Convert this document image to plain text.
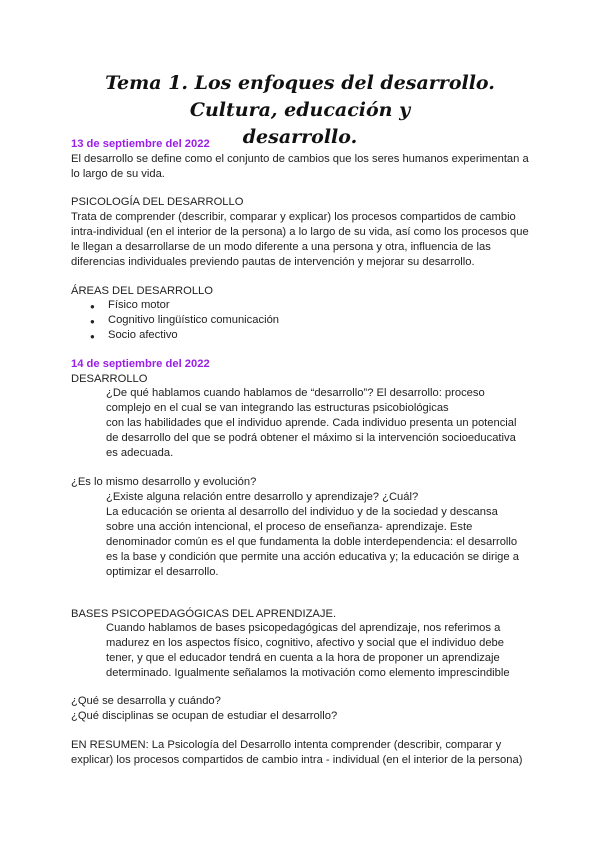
Tema 1. Los enfoques del desarrollo. Cultura, educación y
desarrollo.
13 de septiembre del 2022
El desarrollo se define como el conjunto de cambios que los seres humanos experimentan a
lo largo de su vida.
PSICOLOGÍA DEL DESARROLLO
Trata de comprender (describir, comparar y explicar) los procesos compartidos de cambio
intra-individual (en el interior de la persona) a lo largo de su vida, así como los procesos que
le llegan a desarrollarse de un modo diferente a una persona y otra, influencia de las
diferencias individuales previendo pautas de intervención y mejorar su desarrollo.
ÁREAS DEL DESARROLLO
● Físico motor
● Cognitivo lingüístico comunicación
● Socio afectivo
14 de septiembre del 2022
DESARROLLO
¿De qué hablamos cuando hablamos de “desarrollo”? El desarrollo: proceso
complejo en el cual se van integrando las estructuras psicobiológicas
con las habilidades que el individuo aprende. Cada individuo presenta un potencial
de desarrollo del que se podrá obtener el máximo si la intervención socioeducativa
es adecuada.
¿Es lo mismo desarrollo y evolución?
¿Existe alguna relación entre desarrollo y aprendizaje? ¿Cuál?
La educación se orienta al desarrollo del individuo y de la sociedad y descansa
sobre una acción intencional, el proceso de enseñanza- aprendizaje. Este
denominador común es el que fundamenta la doble interdependencia: el desarrollo
es la base y condición que permite una acción educativa y; la educación se dirige a
optimizar el desarrollo.
BASES PSICOPEDAGÓGICAS DEL APRENDIZAJE.
Cuando hablamos de bases psicopedagógicas del aprendizaje, nos referimos a
madurez en los aspectos físico, cognitivo, afectivo y social que el individuo debe
tener, y que el educador tendrá en cuenta a la hora de proponer un aprendizaje
determinado. Igualmente señalamos la motivación como elemento imprescindible
¿Qué se desarrolla y cuándo?
¿Qué disciplinas se ocupan de estudiar el desarrollo?
EN RESUMEN: La Psicología del Desarrollo intenta comprender (describir, comparar y
explicar) los procesos compartidos de cambio intra - individual (en el interior de la persona)
